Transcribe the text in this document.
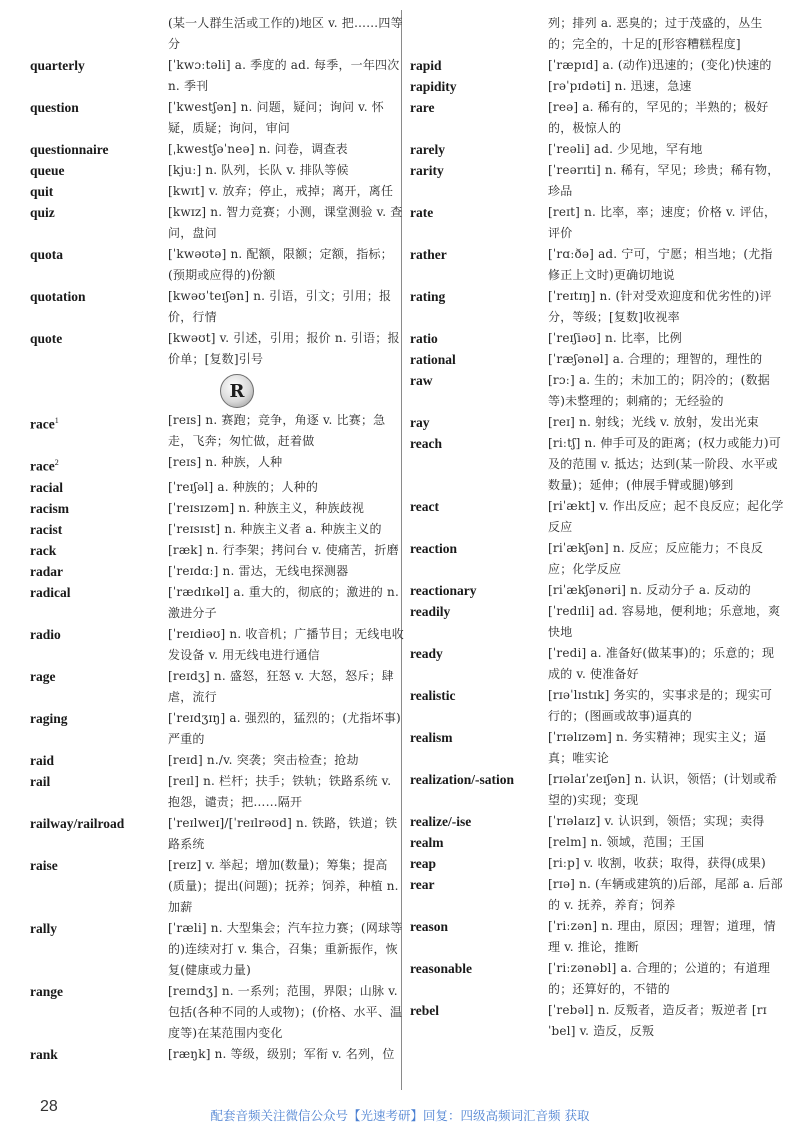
(某一人群生活或工作的)地区 v. 把……四等分
quarterly	[ˈkwɔːtəli] a. 季度的 ad. 每季，一年四次 n. 季刊
question	[ˈkwestʃən] n. 问题，疑问；询问 v. 怀疑，质疑；询问，审问
questionnaire	[ˌkwestʃəˈneə] n. 问卷，调查表
queue	[kjuː] n. 队列，长队 v. 排队等候
quit	[kwɪt] v. 放弃；停止，戒掉；离开，离任
quiz	[kwɪz] n. 智力竞赛；小测，课堂测验 v. 查问，盘问
quota	[ˈkwəʊtə] n. 配额，限额；定额，指标；(预期或应得的)份额
quotation	[kwəʊˈteɪʃən] n. 引语，引文；引用；报价，行情
quote	[kwəʊt] v. 引述，引用；报价 n. 引语；报价单；[复数]引号
R
race$^1$	[reɪs] n. 赛跑；竞争，角逐 v. 比赛；急走，飞奔；匆忙做，赶着做
race$^2$	[reɪs] n. 种族，人种
racial	[ˈreɪʃəl] a. 种族的；人种的
racism	[ˈreɪsɪzəm] n. 种族主义，种族歧视
racist	[ˈreɪsɪst] n. 种族主义者 a. 种族主义的
rack	[ræk] n. 行李架；拷问台 v. 使痛苦，折磨
radar	[ˈreɪdɑː] n. 雷达，无线电探测器
radical	[ˈrædɪkəl] a. 重大的，彻底的；激进的 n. 激进分子
radio	[ˈreɪdiəʊ] n. 收音机；广播节目；无线电收发设备 v. 用无线电进行通信
rage	[reɪdʒ] n. 盛怒，狂怒 v. 大怒，怒斥；肆虐，流行
raging	[ˈreɪdʒɪŋ] a. 强烈的，猛烈的；(尤指坏事)严重的
raid	[reɪd] n./v. 突袭；突击检查；抢劫
rail	[reɪl] n. 栏杆；扶手；铁轨；铁路系统 v. 抱怨，谴责；把……隔开
railway/railroad	[ˈreɪlweɪ]/[ˈreɪlrəʊd] n. 铁路，铁道；铁路系统
raise	[reɪz] v. 举起；增加(数量)；筹集；提高(质量)；提出(问题)；抚养；饲养，种植 n. 加薪
rally	[ˈræli] n. 大型集会；汽车拉力赛；(网球等的)连续对打 v. 集合，召集；重新振作，恢复(健康或力量)
range	[reɪndʒ] n. 一系列；范围，界限；山脉 v. 包括(各种不同的人或物)；(价格、水平、温度等)在某范围内变化
rank	[ræŋk] n. 等级，级别；军衔 v. 名列，位
列；排列 a. 恶臭的；过于茂盛的，丛生的；完全的，十足的[形容糟糕程度]
rapid	[ˈræpɪd] a. (动作)迅速的；(变化)快速的
rapidity	[rəˈpɪdəti] n. 迅速，急速
rare	[reə] a. 稀有的，罕见的；半熟的；极好的，极惊人的
rarely	[ˈreəli] ad. 少见地，罕有地
rarity	[ˈreərɪti] n. 稀有，罕见；珍贵；稀有物，珍品
rate	[reɪt] n. 比率，率；速度；价格 v. 评估，评价
rather	[ˈrɑːðə] ad. 宁可，宁愿；相当地；(尤指修正上文时)更确切地说
rating	[ˈreɪtɪŋ] n. (针对受欢迎度和优劣性的)评分，等级；[复数]收视率
ratio	[ˈreɪʃiəʊ] n. 比率，比例
rational	[ˈræʃənəl] a. 合理的；理智的，理性的
raw	[rɔː] a. 生的；未加工的；阴冷的；(数据等)未整理的；刺痛的；无经验的
ray	[reɪ] n. 射线；光线 v. 放射，发出光束
reach	[riːtʃ] n. 伸手可及的距离；(权力或能力)可及的范围 v. 抵达；达到(某一阶段、水平或数量)；延伸；(伸展手臂或腿)够到
react	[riˈækt] v. 作出反应；起不良反应；起化学反应
reaction	[riˈækʃən] n. 反应；反应能力；不良反应；化学反应
reactionary	[riˈækʃənəri] n. 反动分子 a. 反动的
readily	[ˈredɪli] ad. 容易地，便利地；乐意地，爽快地
ready	[ˈredi] a. 准备好(做某事)的；乐意的；现成的 v. 使准备好
realistic	[rɪəˈlɪstɪk] 务实的，实事求是的；现实可行的；(图画或故事)逼真的
realism	[ˈrɪəlɪzəm] n. 务实精神；现实主义；逼真；唯实论
realization/-sation	[rɪəlaɪˈzeɪʃən] n. 认识，领悟；(计划或希望的)实现；变现
realize/-ise	[ˈrɪəlaɪz] v. 认识到，领悟；实现；卖得
realm	[relm] n. 领域，范围；王国
reap	[riːp] v. 收割，收获；取得，获得(成果)
rear	[rɪə] n. (车辆或建筑的)后部，尾部 a. 后部的 v. 抚养，养育；饲养
reason	[ˈriːzən] n. 理由，原因；理智；道理，情理 v. 推论，推断
reasonable	[ˈriːzənəbl] a. 合理的；公道的；有道理的；还算好的，不错的
rebel	[ˈrebəl] n. 反叛者，造反者；叛逆者 [rɪˈbel] v. 造反，反叛
28
配套音频关注微信公众号【光速考研】回复：四级高频词汇音频 获取
